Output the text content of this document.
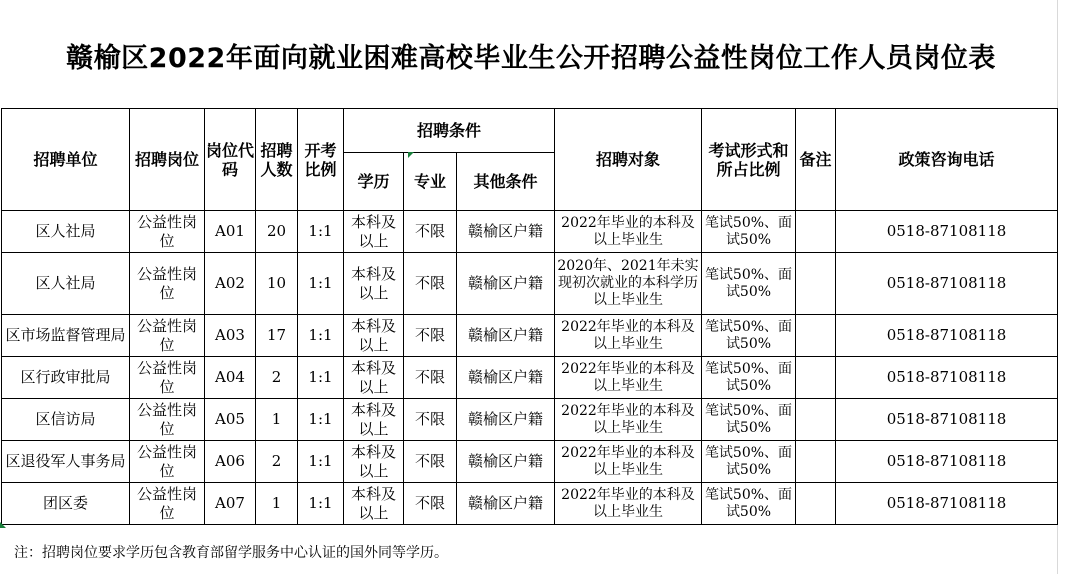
赣榆区2022年面向就业困难高校毕业生公开招聘公益性岗位工作人员岗位表
招聘单位	招聘岗位	岗位代码	招聘人数	开考比例	招聘条件			招聘对象	考试形式和所占比例	备注	政策咨询电话
					学历	专业	其他条件				
区人社局	公益性岗位	A01	20	1:1	本科及以上	不限	赣榆区户籍	2022年毕业的本科及以上毕业生	笔试50%、面试50%		0518-87108118
区人社局	公益性岗位	A02	10	1:1	本科及以上	不限	赣榆区户籍	2020年、2021年未实现初次就业的本科学历以上毕业生	笔试50%、面试50%		0518-87108118
区市场监督管理局	公益性岗位	A03	17	1:1	本科及以上	不限	赣榆区户籍	2022年毕业的本科及以上毕业生	笔试50%、面试50%		0518-87108118
区行政审批局	公益性岗位	A04	2	1:1	本科及以上	不限	赣榆区户籍	2022年毕业的本科及以上毕业生	笔试50%、面试50%		0518-87108118
区信访局	公益性岗位	A05	1	1:1	本科及以上	不限	赣榆区户籍	2022年毕业的本科及以上毕业生	笔试50%、面试50%		0518-87108118
区退役军人事务局	公益性岗位	A06	2	1:1	本科及以上	不限	赣榆区户籍	2022年毕业的本科及以上毕业生	笔试50%、面试50%		0518-87108118
团区委	公益性岗位	A07	1	1:1	本科及以上	不限	赣榆区户籍	2022年毕业的本科及以上毕业生	笔试50%、面试50%		0518-87108118
注：招聘岗位要求学历包含教育部留学服务中心认证的国外同等学历。
